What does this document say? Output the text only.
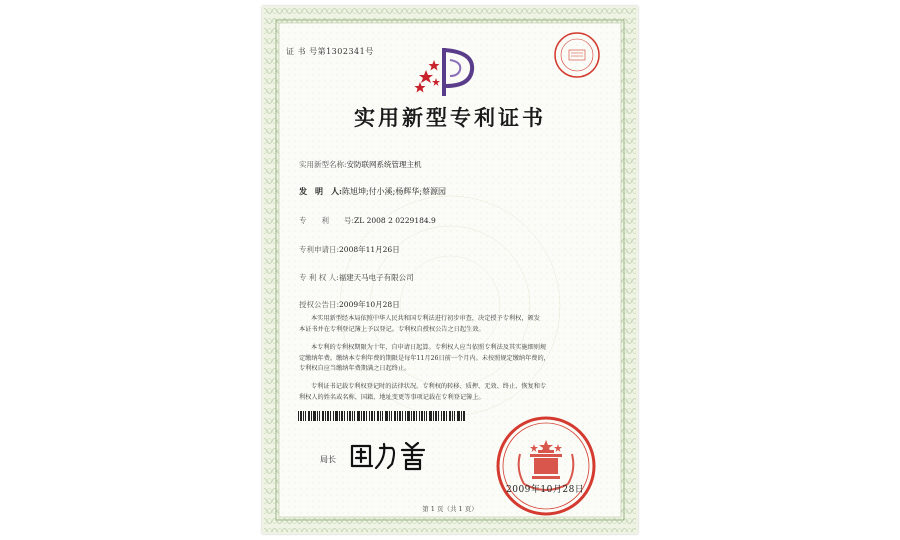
证 书 号第1302341号
实用新型专利证书
实用新型名称:安防联网系统管理主机
发　明　人:陈旭坤;付小溪;杨辉华;蔡源园
专　　利　　号:ZL 2008 2 0229184.9
专利申请日:2008年11月26日
专 利 权 人:福建天马电子有限公司
授权公告日:2009年10月28日
本实用新型经本局依照中华人民共和国专利法进行初步审查，决定授予专利权，颁发
本证书并在专利登记簿上予以登记。专利权自授权公告之日起生效。
本专利的专利权期限为十年，自申请日起算。专利权人应当依照专利法及其实施细则规
定缴纳年费。缴纳本专利年费的期限是每年11月26日前一个月内。未按照规定缴纳年费的，
专利权自应当缴纳年费期满之日起终止。
专利证书记载专利权登记时的法律状况。专利权的转移、质押、无效、终止、恢复和专
利权人的姓名或名称、国籍、地址变更等事项记载在专利登记簿上。
局长
2009年10月28日
第 1 页（共 1 页）
